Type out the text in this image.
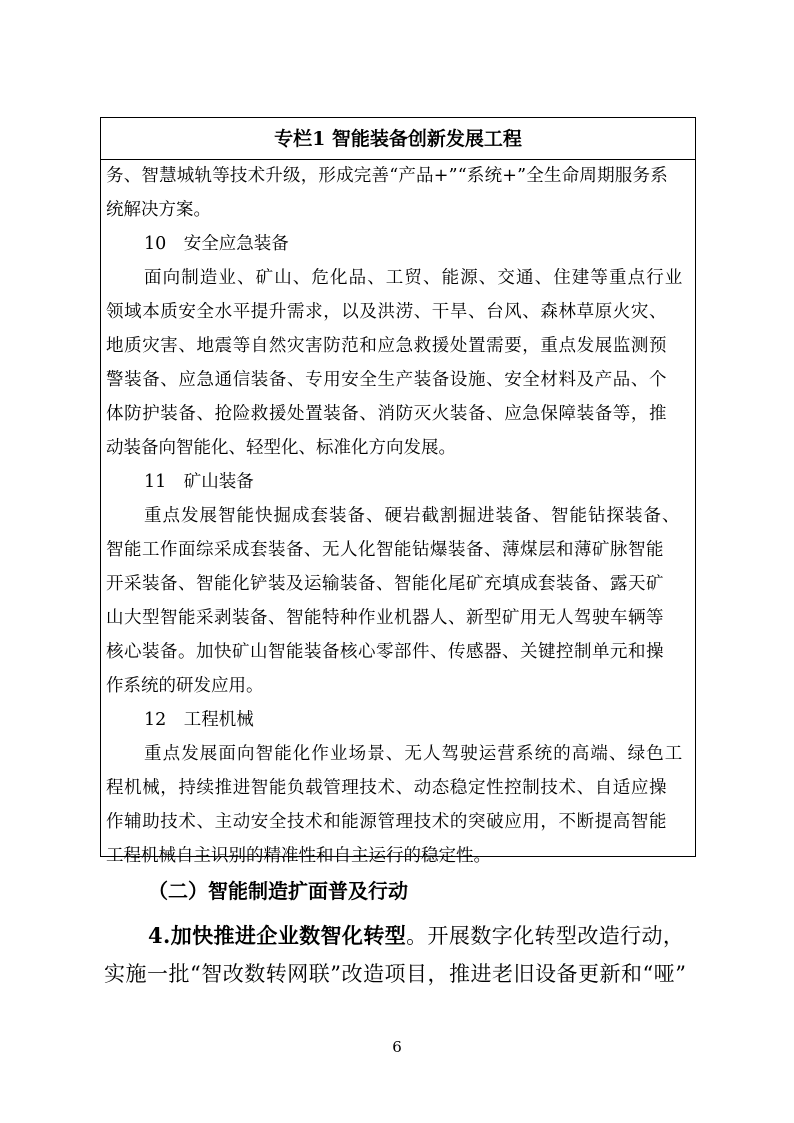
专栏1 智能装备创新发展工程
务、智慧城轨等技术升级，形成完善“产品+”“系统+”全生命周期服务系
统解决方案。
10　安全应急装备
面向制造业、矿山、危化品、工贸、能源、交通、住建等重点行业
领域本质安全水平提升需求，以及洪涝、干旱、台风、森林草原火灾、
地质灾害、地震等自然灾害防范和应急救援处置需要，重点发展监测预
警装备、应急通信装备、专用安全生产装备设施、安全材料及产品、个
体防护装备、抢险救援处置装备、消防灭火装备、应急保障装备等，推
动装备向智能化、轻型化、标准化方向发展。
11　矿山装备
重点发展智能快掘成套装备、硬岩截割掘进装备、智能钻探装备、
智能工作面综采成套装备、无人化智能钻爆装备、薄煤层和薄矿脉智能
开采装备、智能化铲装及运输装备、智能化尾矿充填成套装备、露天矿
山大型智能采剥装备、智能特种作业机器人、新型矿用无人驾驶车辆等
核心装备。加快矿山智能装备核心零部件、传感器、关键控制单元和操
作系统的研发应用。
12　工程机械
重点发展面向智能化作业场景、无人驾驶运营系统的高端、绿色工
程机械，持续推进智能负载管理技术、动态稳定性控制技术、自适应操
作辅助技术、主动安全技术和能源管理技术的突破应用，不断提高智能
工程机械自主识别的精准性和自主运行的稳定性。
（二）智能制造扩面普及行动
4.加快推进企业数智化转型。开展数字化转型改造行动，
实施一批“智改数转网联”改造项目，推进老旧设备更新和“哑”
6
